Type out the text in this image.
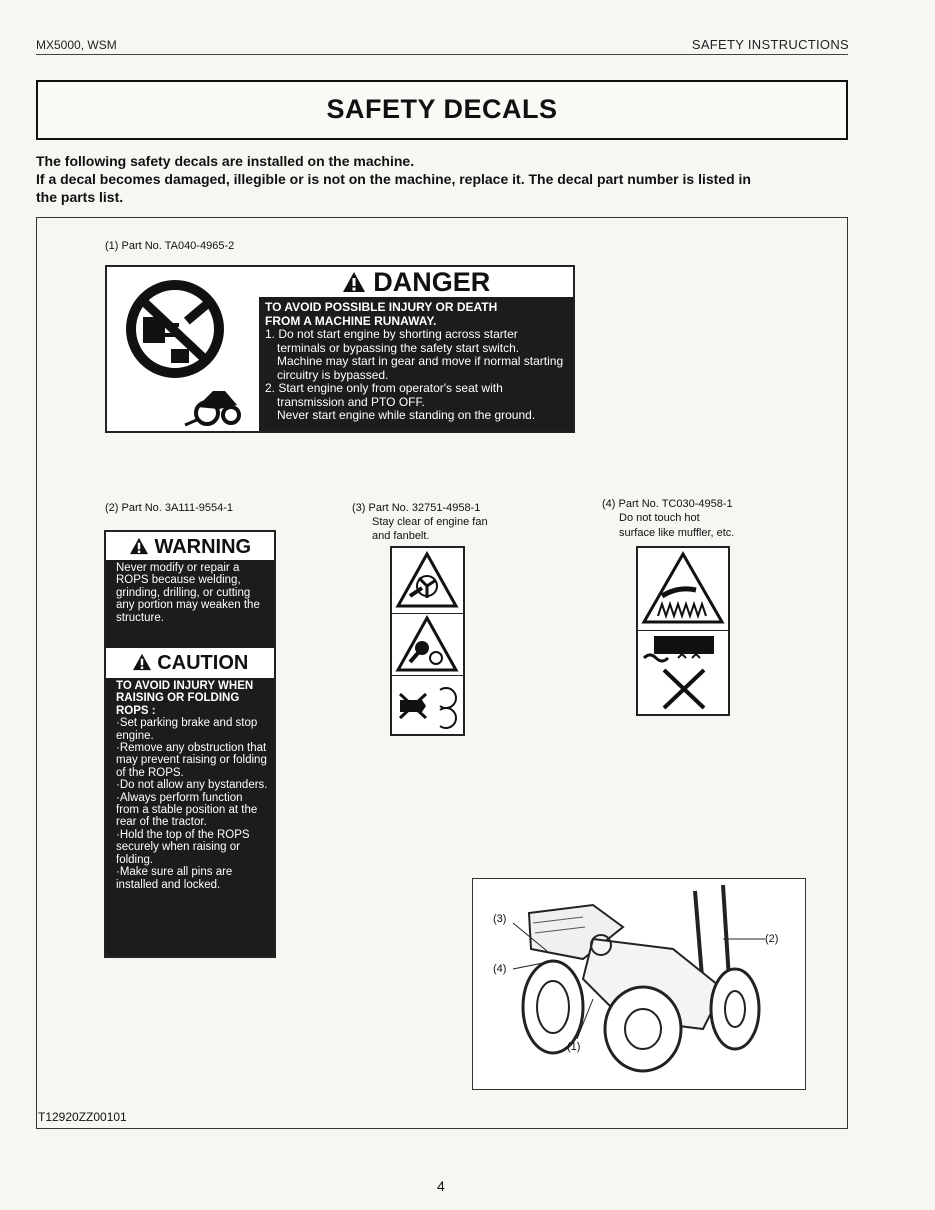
MX5000, WSM	SAFETY INSTRUCTIONS
SAFETY DECALS
The following safety decals are installed on the machine.
If a decal becomes damaged, illegible or is not on the machine, replace it. The decal part number is listed in
the parts list.
(1) Part No. TA040-4965-2
DANGER
TO AVOID POSSIBLE INJURY OR DEATH
FROM A MACHINE RUNAWAY.
1. Do not start engine by shorting across starter terminals or bypassing the safety start switch. Machine may start in gear and move if normal starting circuitry is bypassed.
2. Start engine only from operator's seat with transmission and PTO OFF.
Never start engine while standing on the ground.
(2) Part No. 3A111-9554-1
WARNING
Never modify or repair a ROPS because welding, grinding, drilling, or cutting any portion may weaken the structure.
CAUTION
TO AVOID INJURY WHEN RAISING OR FOLDING ROPS :
·Set parking brake and stop engine.
·Remove any obstruction that may prevent raising or folding of the ROPS.
·Do not allow any bystanders.
·Always perform function from a stable position at the rear of the tractor.
·Hold the top of the ROPS securely when raising or folding.
·Make sure all pins are installed and locked.
(3) Part No. 32751-4958-1
Stay clear of engine fan
and fanbelt.
(4) Part No. TC030-4958-1
Do not touch hot
surface like muffler, etc.
(3)
(4)
(2)
(1)
T12920ZZ00101
4
